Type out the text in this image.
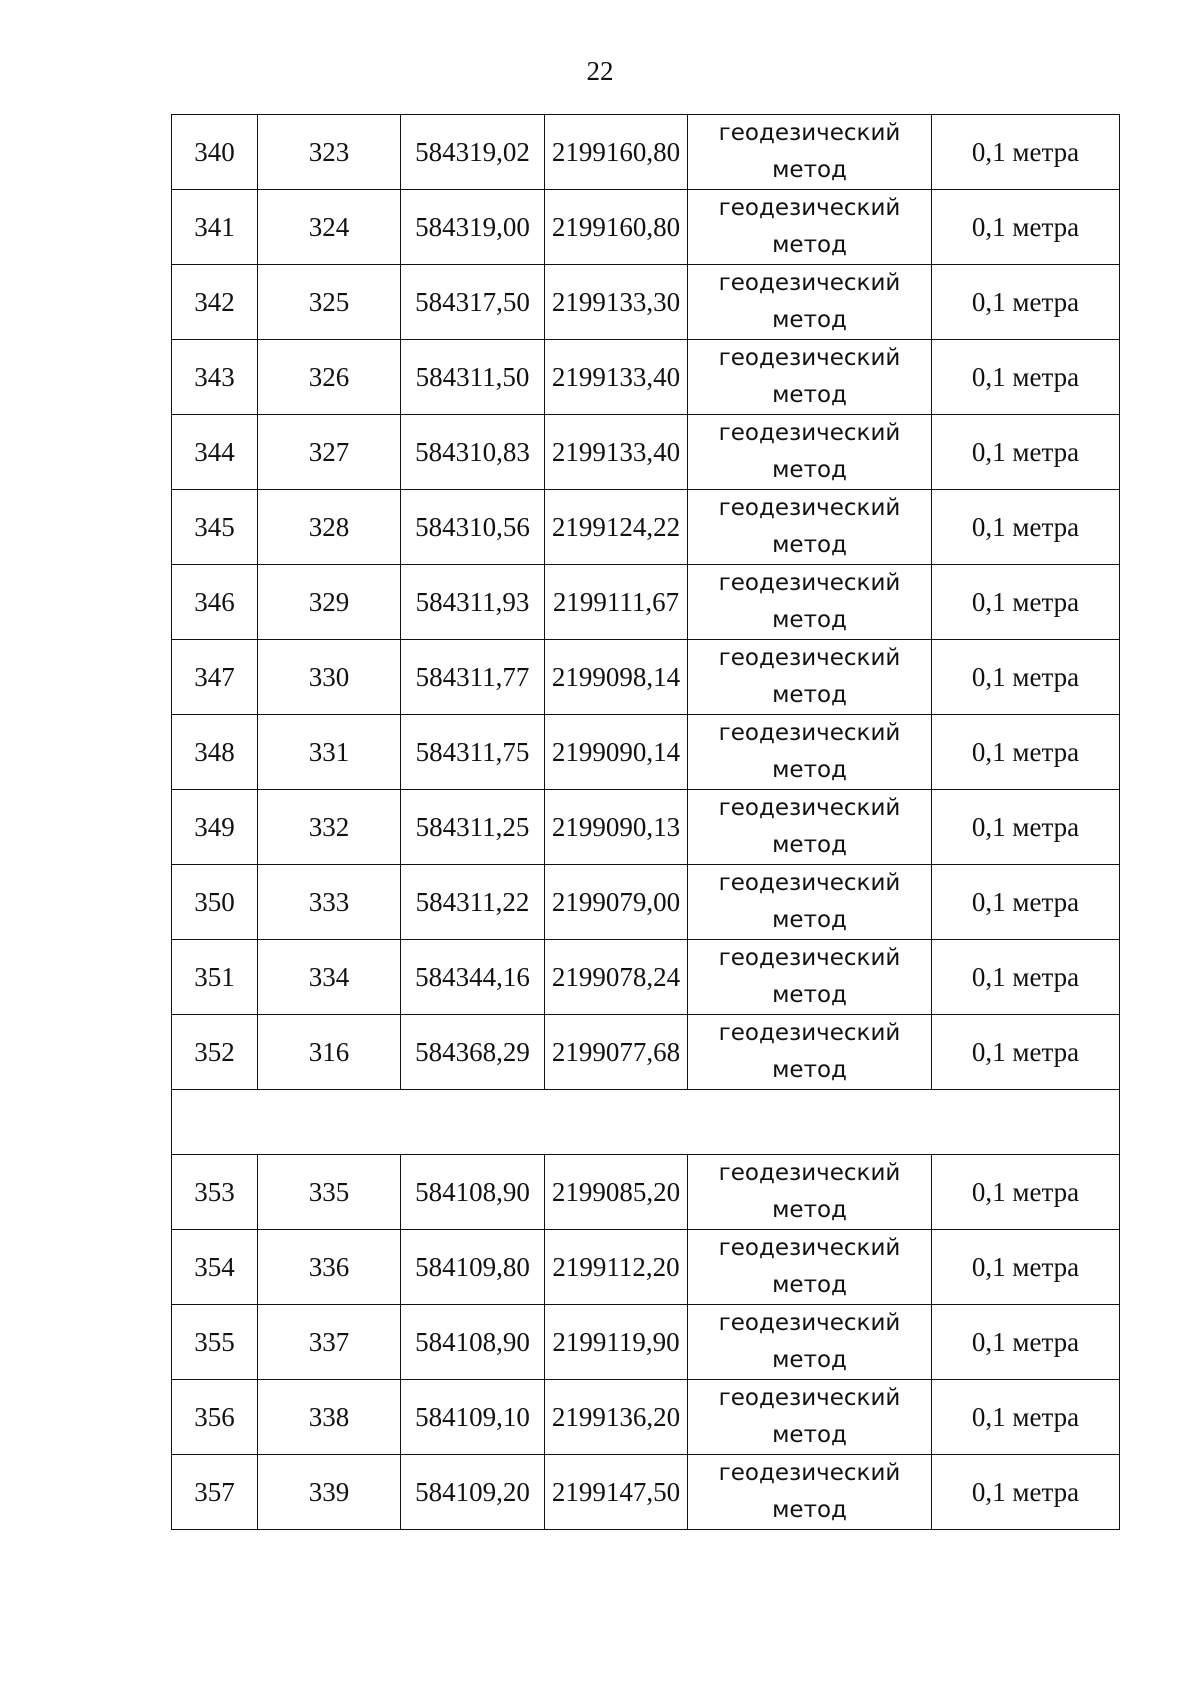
22
340	323	584319,02	2199160,80	геодезический метод	0,1 метра
341	324	584319,00	2199160,80	геодезический метод	0,1 метра
342	325	584317,50	2199133,30	геодезический метод	0,1 метра
343	326	584311,50	2199133,40	геодезический метод	0,1 метра
344	327	584310,83	2199133,40	геодезический метод	0,1 метра
345	328	584310,56	2199124,22	геодезический метод	0,1 метра
346	329	584311,93	2199111,67	геодезический метод	0,1 метра
347	330	584311,77	2199098,14	геодезический метод	0,1 метра
348	331	584311,75	2199090,14	геодезический метод	0,1 метра
349	332	584311,25	2199090,13	геодезический метод	0,1 метра
350	333	584311,22	2199079,00	геодезический метод	0,1 метра
351	334	584344,16	2199078,24	геодезический метод	0,1 метра
352	316	584368,29	2199077,68	геодезический метод	0,1 метра

353	335	584108,90	2199085,20	геодезический метод	0,1 метра
354	336	584109,80	2199112,20	геодезический метод	0,1 метра
355	337	584108,90	2199119,90	геодезический метод	0,1 метра
356	338	584109,10	2199136,20	геодезический метод	0,1 метра
357	339	584109,20	2199147,50	геодезический метод	0,1 метра
